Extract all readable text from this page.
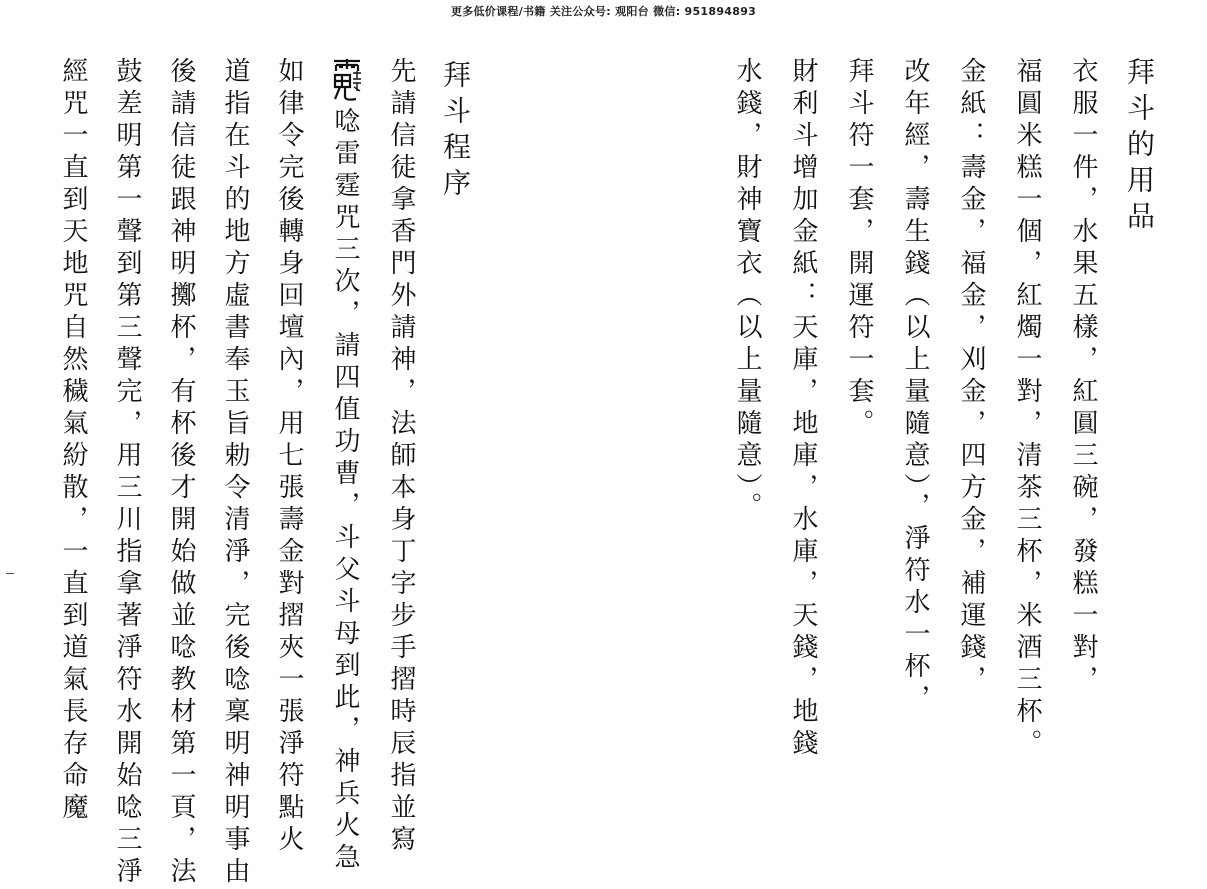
更多低价课程/书籍 关注公众号: 观阳台 微信: 951894893
拜斗的用品
衣服一件，水果五樣，紅圓三碗，發糕一對，
福圓米糕一個，紅燭一對，清茶三杯，米酒三杯。
金紙：壽金，福金，刈金，四方金，補運錢，
改年經，壽生錢（以上量隨意），淨符水一杯，
拜斗符一套，開運符一套。
財利斗增加金紙：天庫，地庫，水庫，天錢，地錢
水錢，財神寶衣（以上量隨意）。
拜斗程序
先請信徒拿香門外請神，法師本身丁字步手摺時辰指並寫
唸雷霆咒三次，請四值功曹，斗父斗母到此，神兵火急
如律令完後轉身回壇內，用七張壽金對摺夾一張淨符點火
道指在斗的地方虛書奉玉旨勅令清淨，完後唸稟明神明事由
後請信徒跟神明擲杯，有杯後才開始做並唸教材第一頁，法
鼓差明第一聲到第三聲完，用三川指拿著淨符水開始唸三淨
經咒一直到天地咒自然穢氣紛散，一直到道氣長存命魔
